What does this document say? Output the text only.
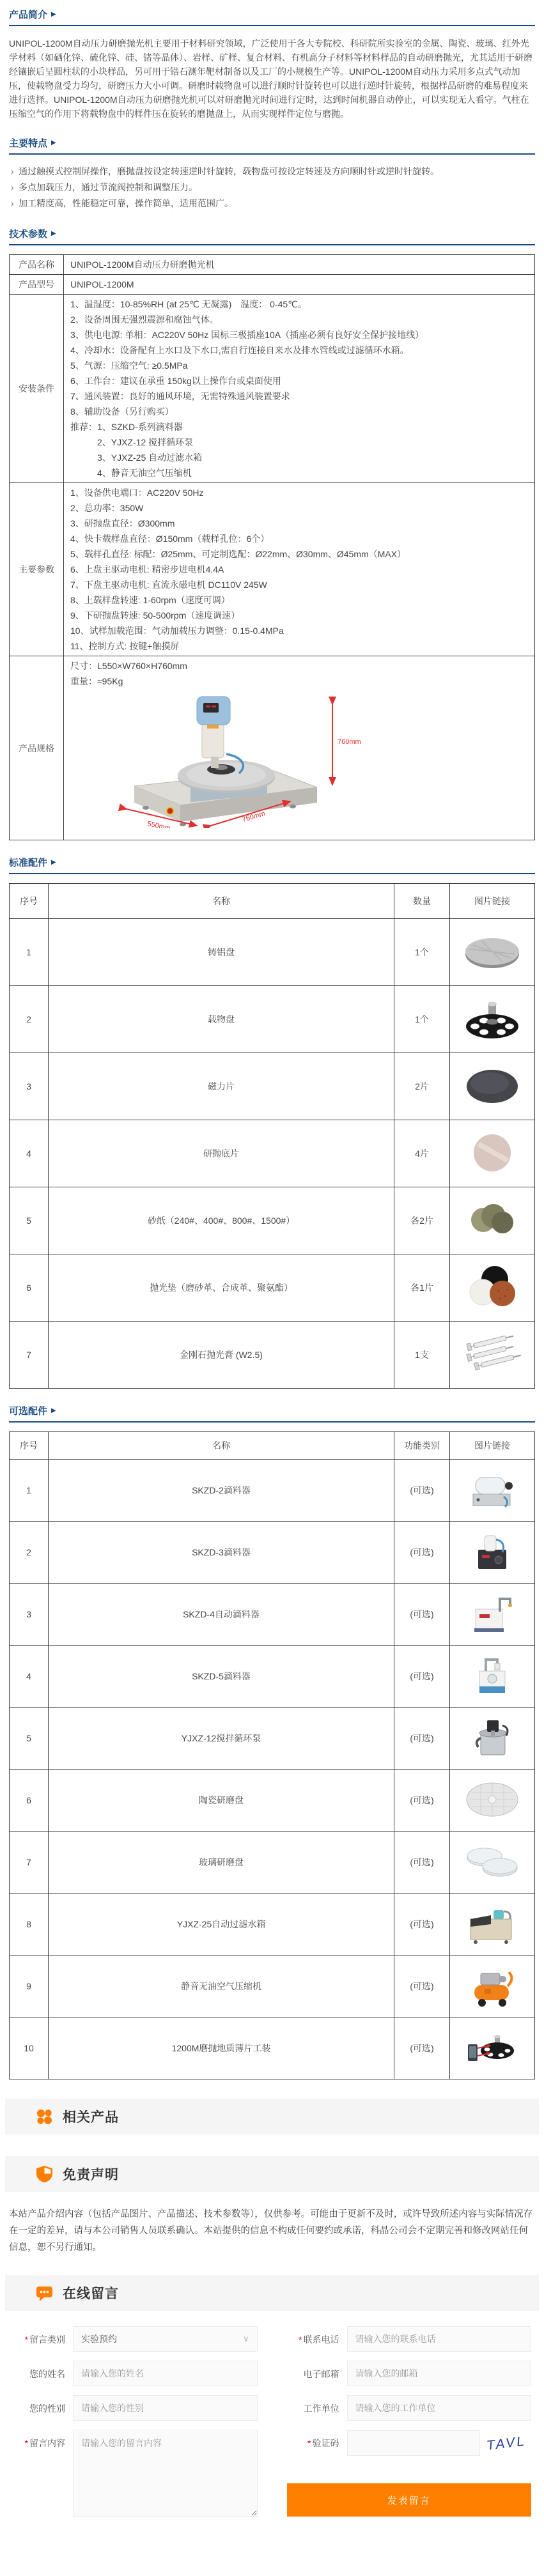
产品简介 ▶

UNIPOL-1200M自动压力研磨抛光机主要用于材料研究领域，广泛使用于各大专院校、科研院所实验室的金属、陶瓷、玻璃、红外光学材料（如硒化锌、硫化锌、硅、锗等晶体）、岩样、矿样、复合材料、有机高分子材料等材料样品的自动研磨抛光，尤其适用于研磨经镶嵌后呈圆柱状的小块样品，另可用于锆石测年靶材制备以及工厂的小规模生产等。UNIPOL-1200M自动压力采用多点式气动加压，使载物盘受力均匀，研磨压力大小可调。研磨时载物盘可以进行顺时针旋转也可以进行逆时针旋转，根据样品研磨的难易程度来进行选择。UNIPOL-1200M自动压力研磨抛光机可以对研磨抛光时间进行定时，达到时间机器自动停止，可以实现无人看守。气柱在压缩空气的作用下将载物盘中的样件压在旋转的磨抛盘上，从而实现样件定位与磨抛。

主要特点 ▶
› 通过触摸式控制屏操作，磨抛盘按设定转速逆时针旋转，载物盘可按设定转速及方向顺时针或逆时针旋转。
› 多点加载压力，通过节流阀控制和调整压力。
› 加工精度高，性能稳定可靠，操作简单，适用范围广。
技术参数 ▶
产品名称	UNIPOL-1200M自动压力研磨抛光机

产品型号	UNIPOL-1200M

安装条件	
1、温湿度：10-85%RH (at 25℃ 无凝露)　温度： 0-45℃。
2、设备周围无强烈震源和腐蚀气体。
3、供电电源: 单相：AC220V 50Hz 国标三极插座10A（插座必须有良好安全保护接地线）
4、冷却水：设备配有上水口及下水口,需自行连接自来水及排水管线或过滤循环水箱。
5、气源：压缩空气: ≥0.5MPa
6、工作台：建议在承重 150kg以上操作台或桌面使用
7、通风装置：良好的通风环境，无需特殊通风装置要求
8、辅助设备（另行购买）
推荐：1、SZKD-系列滴料器
　　　2、YJXZ-12 搅拌循环泵
　　　3、YJXZ-25 自动过滤水箱
　　　4、静音无油空气压缩机

主要参数	
1、设备供电端口：AC220V 50Hz
2、总功率：350W
3、研抛盘直径：Ø300mm
4、快卡载样盘直径：Ø150mm（载样孔位：6个）
5、载样孔直径: 标配：Ø25mm、可定制选配：Ø22mm、Ø30mm、Ø45mm（MAX）
6、上盘主驱动电机: 精密步进电机4.4A
7、下盘主驱动电机: 直流永磁电机 DC110V 245W
8、上载样盘转速: 1-60rpm（速度可调）
9、下研抛盘转速: 50-500rpm（速度调速）
10、试样加载范围：气动加载压力调整：0.15-0.4MPa
11、控制方式: 按键+触摸屏

产品规格	尺寸：L550×W760×H760mm
重量：≈95Kg
760mm
550mm
760mm
标准配件 ▶
序号	名称	数量	图片链接
1	铸铝盘	1个	
2	载物盘	1个	
3	磁力片	2片	
4	研抛底片	4片	
5	砂纸（240#、400#、800#、1500#）	各2片	
6	抛光垫（磨砂革、合成革、聚氨酯）	各1片	
7	金刚石抛光膏 (W2.5)	1支	
可选配件 ▶
序号	名称	功能类别	图片链接
1	SKZD-2滴料器	(可选)	
2	SKZD-3滴料器	(可选)	
3	SKZD-4自动滴料器	(可选)	
4	SKZD-5滴料器	(可选)	
5	YJXZ-12搅拌循环泵	(可选)	
6	陶瓷研磨盘	(可选)	
7	玻璃研磨盘	(可选)	
8	YJXZ-25自动过滤水箱	(可选)	
9	静音无油空气压缩机	(可选)	
10	1200M磨抛地质薄片工装	(可选)	
相关产品
免责声明

本站产品介绍内容（包括产品图片、产品描述、技术参数等），仅供参考。可能由于更新不及时，或许导致所述内容与实际情况存在一定的差异，请与本公司销售人员联系确认。本站提供的信息不构成任何要约或承诺，科晶公司会不定期完善和修改网站任何信息，恕不另行通知。

在线留言
* 留言类别 实验预约	∨
您的姓名
请输入您的姓名
您的性别
请输入您的性别
* 留言内容
请输入您的留言内容
* 联系电话
请输入您的联系电话
电子邮箱
请输入您的邮箱
工作单位
请输入您的工作单位
* 验证码	TAVL
发表留言
